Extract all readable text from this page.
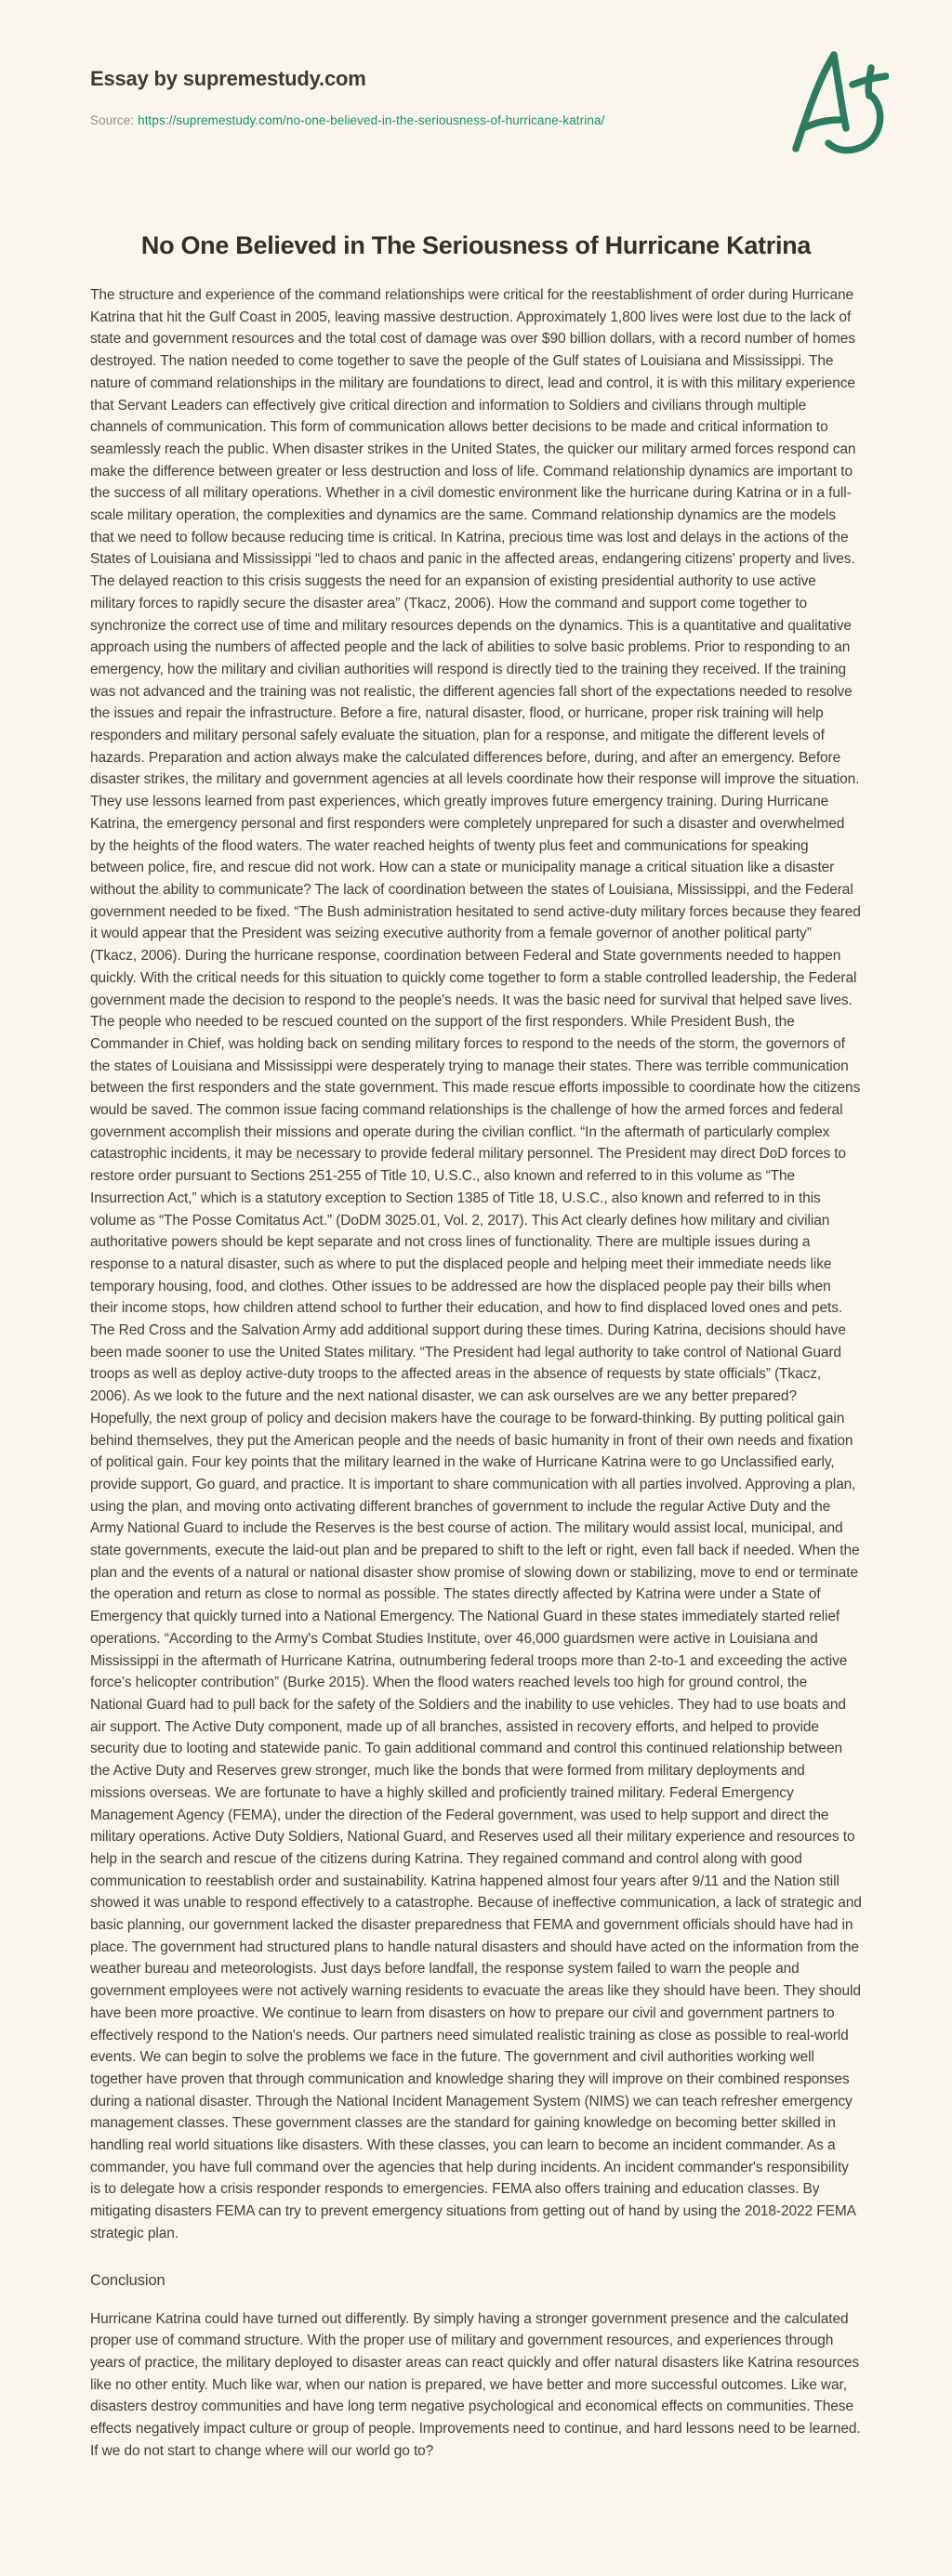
Essay by supremestudy.com
Source: https://supremestudy.com/no-one-believed-in-the-seriousness-of-hurricane-katrina/
No One Believed in The Seriousness of Hurricane Katrina

The structure and experience of the command relationships were critical for the reestablishment of order during Hurricane Katrina that hit the Gulf Coast in 2005, leaving massive destruction. Approximately 1,800 lives were lost due to the lack of state and government resources and the total cost of damage was over $90 billion dollars, with a record number of homes destroyed. The nation needed to come together to save the people of the Gulf states of Louisiana and Mississippi. The nature of command relationships in the military are foundations to direct, lead and control, it is with this military experience that Servant Leaders can effectively give critical direction and information to Soldiers and civilians through multiple channels of communication. This form of communication allows better decisions to be made and critical information to seamlessly reach the public. When disaster strikes in the United States, the quicker our military armed forces respond can make the difference between greater or less destruction and loss of life. Command relationship dynamics are important to the success of all military operations. Whether in a civil domestic environment like the hurricane during Katrina or in a full-scale military operation, the complexities and dynamics are the same. Command relationship dynamics are the models that we need to follow because reducing time is critical. In Katrina, precious time was lost and delays in the actions of the States of Louisiana and Mississippi “led to chaos and panic in the affected areas, endangering citizens' property and lives. The delayed reaction to this crisis suggests the need for an expansion of existing presidential authority to use active military forces to rapidly secure the disaster area” (Tkacz, 2006). How the command and support come together to synchronize the correct use of time and military resources depends on the dynamics. This is a quantitative and qualitative approach using the numbers of affected people and the lack of abilities to solve basic problems. Prior to responding to an emergency, how the military and civilian authorities will respond is directly tied to the training they received. If the training was not advanced and the training was not realistic, the different agencies fall short of the expectations needed to resolve the issues and repair the infrastructure. Before a fire, natural disaster, flood, or hurricane, proper risk training will help responders and military personal safely evaluate the situation, plan for a response, and mitigate the different levels of hazards. Preparation and action always make the calculated differences before, during, and after an emergency. Before disaster strikes, the military and government agencies at all levels coordinate how their response will improve the situation. They use lessons learned from past experiences, which greatly improves future emergency training. During Hurricane Katrina, the emergency personal and first responders were completely unprepared for such a disaster and overwhelmed by the heights of the flood waters. The water reached heights of twenty plus feet and communications for speaking between police, fire, and rescue did not work. How can a state or municipality manage a critical situation like a disaster without the ability to communicate? The lack of coordination between the states of Louisiana, Mississippi, and the Federal government needed to be fixed. “The Bush administration hesitated to send active-duty military forces because they feared it would appear that the President was seizing executive authority from a female governor of another political party” (Tkacz, 2006). During the hurricane response, coordination between Federal and State governments needed to happen quickly. With the critical needs for this situation to quickly come together to form a stable controlled leadership, the Federal government made the decision to respond to the people's needs. It was the basic need for survival that helped save lives. The people who needed to be rescued counted on the support of the first responders. While President Bush, the Commander in Chief, was holding back on sending military forces to respond to the needs of the storm, the governors of the states of Louisiana and Mississippi were desperately trying to manage their states. There was terrible communication between the first responders and the state government. This made rescue efforts impossible to coordinate how the citizens would be saved. The common issue facing command relationships is the challenge of how the armed forces and federal government accomplish their missions and operate during the civilian conflict. “In the aftermath of particularly complex catastrophic incidents, it may be necessary to provide federal military personnel. The President may direct DoD forces to restore order pursuant to Sections 251-255 of Title 10, U.S.C., also known and referred to in this volume as “The Insurrection Act,” which is a statutory exception to Section 1385 of Title 18, U.S.C., also known and referred to in this volume as “The Posse Comitatus Act.” (DoDM 3025.01, Vol. 2, 2017). This Act clearly defines how military and civilian authoritative powers should be kept separate and not cross lines of functionality. There are multiple issues during a response to a natural disaster, such as where to put the displaced people and helping meet their immediate needs like temporary housing, food, and clothes. Other issues to be addressed are how the displaced people pay their bills when their income stops, how children attend school to further their education, and how to find displaced loved ones and pets. The Red Cross and the Salvation Army add additional support during these times. During Katrina, decisions should have been made sooner to use the United States military. “The President had legal authority to take control of National Guard troops as well as deploy active-duty troops to the affected areas in the absence of requests by state officials” (Tkacz, 2006). As we look to the future and the next national disaster, we can ask ourselves are we any better prepared? Hopefully, the next group of policy and decision makers have the courage to be forward-thinking. By putting political gain behind themselves, they put the American people and the needs of basic humanity in front of their own needs and fixation of political gain. Four key points that the military learned in the wake of Hurricane Katrina were to go Unclassified early, provide support, Go guard, and practice. It is important to share communication with all parties involved. Approving a plan, using the plan, and moving onto activating different branches of government to include the regular Active Duty and the Army National Guard to include the Reserves is the best course of action. The military would assist local, municipal, and state governments, execute the laid-out plan and be prepared to shift to the left or right, even fall back if needed. When the plan and the events of a natural or national disaster show promise of slowing down or stabilizing, move to end or terminate the operation and return as close to normal as possible. The states directly affected by Katrina were under a State of Emergency that quickly turned into a National Emergency. The National Guard in these states immediately started relief operations. “According to the Army's Combat Studies Institute, over 46,000 guardsmen were active in Louisiana and Mississippi in the aftermath of Hurricane Katrina, outnumbering federal troops more than 2-to-1 and exceeding the active force's helicopter contribution” (Burke 2015). When the flood waters reached levels too high for ground control, the National Guard had to pull back for the safety of the Soldiers and the inability to use vehicles. They had to use boats and air support. The Active Duty component, made up of all branches, assisted in recovery efforts, and helped to provide security due to looting and statewide panic. To gain additional command and control this continued relationship between the Active Duty and Reserves grew stronger, much like the bonds that were formed from military deployments and missions overseas. We are fortunate to have a highly skilled and proficiently trained military. Federal Emergency Management Agency (FEMA), under the direction of the Federal government, was used to help support and direct the military operations. Active Duty Soldiers, National Guard, and Reserves used all their military experience and resources to help in the search and rescue of the citizens during Katrina. They regained command and control along with good communication to reestablish order and sustainability. Katrina happened almost four years after 9/11 and the Nation still showed it was unable to respond effectively to a catastrophe. Because of ineffective communication, a lack of strategic and basic planning, our government lacked the disaster preparedness that FEMA and government officials should have had in place. The government had structured plans to handle natural disasters and should have acted on the information from the weather bureau and meteorologists. Just days before landfall, the response system failed to warn the people and government employees were not actively warning residents to evacuate the areas like they should have been. They should have been more proactive. We continue to learn from disasters on how to prepare our civil and government partners to effectively respond to the Nation's needs. Our partners need simulated realistic training as close as possible to real-world events. We can begin to solve the problems we face in the future. The government and civil authorities working well together have proven that through communication and knowledge sharing they will improve on their combined responses during a national disaster. Through the National Incident Management System (NIMS) we can teach refresher emergency management classes. These government classes are the standard for gaining knowledge on becoming better skilled in handling real world situations like disasters. With these classes, you can learn to become an incident commander. As a commander, you have full command over the agencies that help during incidents. An incident commander's responsibility is to delegate how a crisis responder responds to emergencies. FEMA also offers training and education classes. By mitigating disasters FEMA can try to prevent emergency situations from getting out of hand by using the 2018-2022 FEMA strategic plan.

Conclusion

Hurricane Katrina could have turned out differently. By simply having a stronger government presence and the calculated proper use of command structure. With the proper use of military and government resources, and experiences through years of practice, the military deployed to disaster areas can react quickly and offer natural disasters like Katrina resources like no other entity. Much like war, when our nation is prepared, we have better and more successful outcomes. Like war, disasters destroy communities and have long term negative psychological and economical effects on communities. These effects negatively impact culture or group of people. Improvements need to continue, and hard lessons need to be learned. If we do not start to change where will our world go to?
